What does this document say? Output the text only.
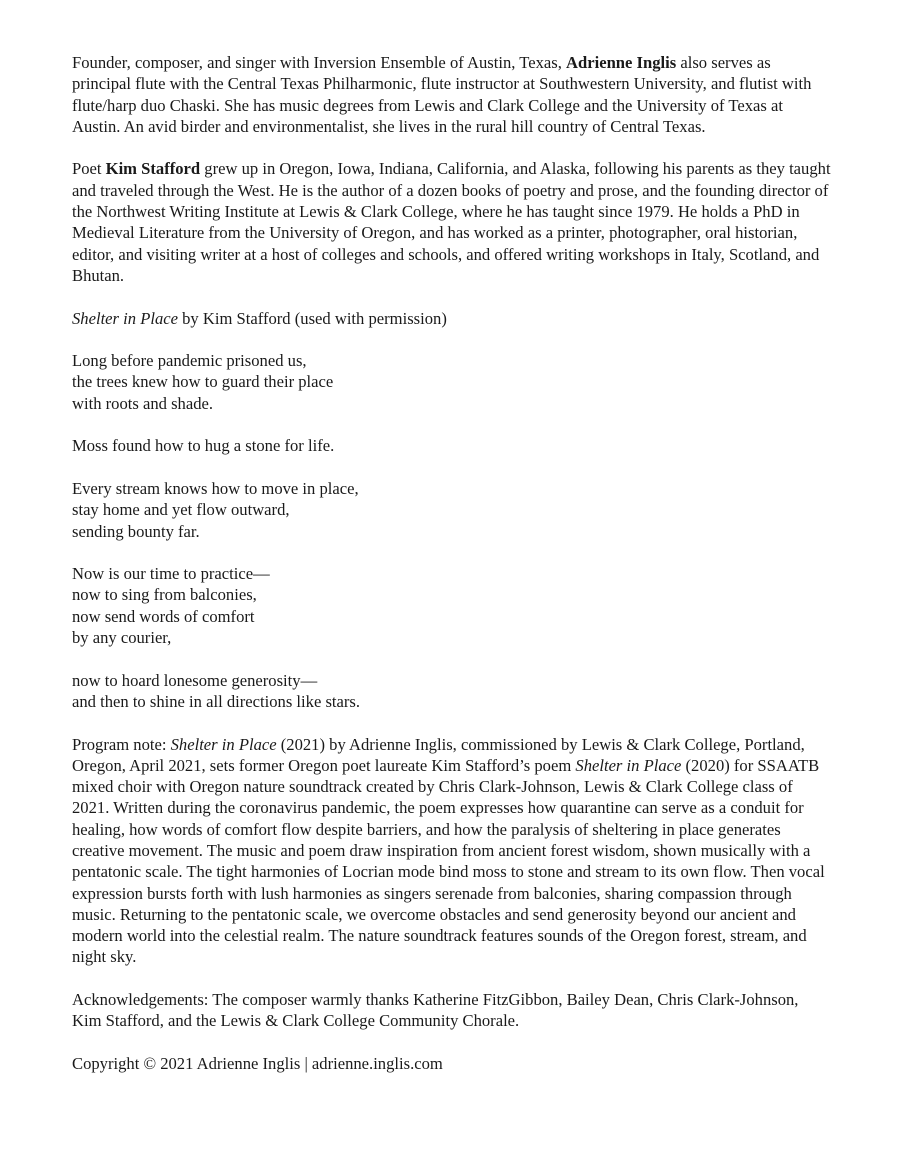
Founder, composer, and singer with Inversion Ensemble of Austin, Texas, Adrienne Inglis also serves as principal flute with the Central Texas Philharmonic, flute instructor at Southwestern University, and flutist with flute/harp duo Chaski. She has music degrees from Lewis and Clark College and the University of Texas at Austin. An avid birder and environmentalist, she lives in the rural hill country of Central Texas.

Poet Kim Stafford grew up in Oregon, Iowa, Indiana, California, and Alaska, following his parents as they taught and traveled through the West. He is the author of a dozen books of poetry and prose, and the founding director of the Northwest Writing Institute at Lewis & Clark College, where he has taught since 1979. He holds a PhD in Medieval Literature from the University of Oregon, and has worked as a printer, photographer, oral historian, editor, and visiting writer at a host of colleges and schools, and offered writing workshops in Italy, Scotland, and Bhutan.

Shelter in Place by Kim Stafford (used with permission)

Long before pandemic prisoned us,
the trees knew how to guard their place
with roots and shade.
Moss found how to hug a stone for life.
Every stream knows how to move in place,
stay home and yet flow outward,
sending bounty far.
Now is our time to practice—
now to sing from balconies,
now send words of comfort
by any courier,
now to hoard lonesome generosity—
and then to shine in all directions like stars.

Program note: Shelter in Place (2021) by Adrienne Inglis, commissioned by Lewis & Clark College, Portland, Oregon, April 2021, sets former Oregon poet laureate Kim Stafford’s poem Shelter in Place (2020) for SSAATB mixed choir with Oregon nature soundtrack created by Chris Clark-Johnson, Lewis & Clark College class of 2021. Written during the coronavirus pandemic, the poem expresses how quarantine can serve as a conduit for healing, how words of comfort flow despite barriers, and how the paralysis of sheltering in place generates creative movement. The music and poem draw inspiration from ancient forest wisdom, shown musically with a pentatonic scale. The tight harmonies of Locrian mode bind moss to stone and stream to its own flow. Then vocal expression bursts forth with lush harmonies as singers serenade from balconies, sharing compassion through music. Returning to the pentatonic scale, we overcome obstacles and send generosity beyond our ancient and modern world into the celestial realm. The nature soundtrack features sounds of the Oregon forest, stream, and night sky.

Acknowledgements: The composer warmly thanks Katherine FitzGibbon, Bailey Dean, Chris Clark-Johnson, Kim Stafford, and the Lewis & Clark College Community Chorale.

Copyright © 2021 Adrienne Inglis | adrienne.inglis.com
